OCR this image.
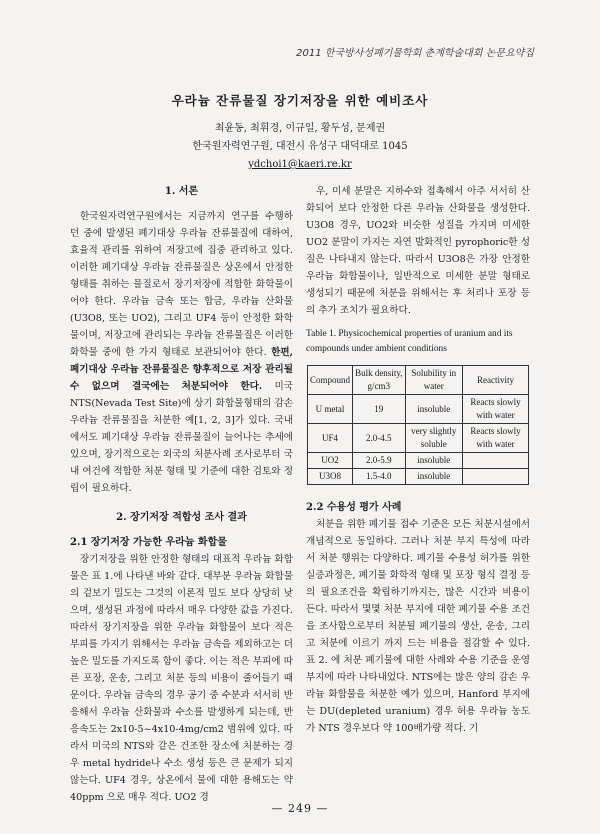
2011 한국방사성폐기물학회 춘계학술대회 논문요약집
우라늄 잔류물질 장기저장을 위한 예비조사
최윤동, 최휘경, 이규일, 황두성, 문제권
한국원자력연구원, 대전시 유성구 대덕대로 1045
ydchoi1@kaeri.re.kr
1. 서론

한국원자력연구원에서는 지금까지 연구를 수행하던 중에 발생된 폐기대상 우라늄 잔류물질에 대하여, 효율적 관리를 위하여 저장고에 집중 관리하고 있다. 이러한 폐기대상 우라늄 잔류물질은 상온에서 안정한 형태를 취하는 물질로서 장기저장에 적합한 화학물이어야 한다. 우라늄 금속 또는 합금, 우라늄 산화물(U3O8, 또는 UO2), 그리고 UF4 등이 안정한 화학물이며, 저장고에 관리되는 우라늄 잔류물질은 이러한 화학물 중에 한 가지 형태로 보관되어야 한다. 한편, 폐기대상 우라늄 잔류물질은 향후적으로 저장 관리될 수 없으며 결국에는 처분되어야 한다. 미국 NTS(Nevada Test Site)에 상기 화합물형태의 감손우라늄 잔류물질을 처분한 예[1, 2, 3]가 있다. 국내에서도 폐기대상 우라늄 잔류물질이 늘어나는 추세에 있으며, 장기적으로는 외국의 처분사례 조사로부터 국내 여건에 적합한 처분 형태 및 기준에 대한 검토와 정립이 필요하다.

2. 장기저장 적합성 조사 결과
2.1 장기저장 가능한 우라늄 화합물

장기저장을 위한 안정한 형태의 대표적 우라늄 화합물은 표 1.에 나타낸 바와 같다. 대부분 우라늄 화합물의 겉보기 밀도는 그것의 이론적 밀도 보다 상당히 낮으며, 생성된 과정에 따라서 매우 다양한 값을 가진다. 따라서 장기저장을 위한 우라늄 화합물이 보다 적은 부피를 가지기 위해서는 우라늄 금속을 제외하고는 더 높은 밀도를 가지도록 함이 좋다. 이는 적은 부피에 따른 포장, 운송, 그리고 처분 등의 비용이 줄어들기 때문이다. 우라늄 금속의 경우 공기 중 수분과 서서히 반응해서 우라늄 산화물과 수소를 발생하게 되는데, 반응속도는 2x10-5~4x10-4mg/cm2 범위에 있다. 따라서 미국의 NTS와 같은 건조한 장소에 처분하는 경우 metal hydride나 수소 생성 등은 큰 문제가 되지 않는다. UF4 경우, 상온에서 물에 대한 용해도는 약 40ppm 으로 매우 적다. UO2 경

우, 미세 분말은 지하수와 접촉해서 아주 서서히 산화되어 보다 안정한 다른 우라늄 산화물을 생성한다. U3O8 경우, UO2와 비슷한 성질을 가지며 미세한 UO2 분말이 가지는 자연 발화적인 pyrophoric한 성질은 나타내지 않는다. 따라서 U3O8은 가장 안정한 우라늄 화합물이나, 일반적으로 미세한 분말 형태로 생성되기 때문에 처분을 위해서는 후 처리나 포장 등의 추가 조치가 필요하다.

Table 1. Physicochemical properties of uranium and its compounds under ambient conditions
Compound	Bulk density, g/cm3	Solubility in water	Reactivity
U metal	19	insoluble	Reacts slowly with water
UF4	2.0-4.5	very slightly soluble	Reacts slowly with water
UO2	2.0-5.9	insoluble	
U3O8	1.5-4.0	insoluble	
2.2 수용성 평가 사례

처분을 위한 폐기물 접수 기준은 모든 처분시설에서 개념적으로 동일하다. 그러나 처분 부지 특성에 따라서 처분 행위는 다양하다. 폐기물 수용성 허가를 위한 실증과정은, 폐기물 화학적 형태 및 포장 형식 결정 등의 필요조건을 확립하기까지는, 많은 시간과 비용이 든다. 따라서 몇몇 처분 부지에 대한 폐기물 수용 조건을 조사함으로부터 처분될 폐기물의 생산, 운송, 그리고 처분에 이르기 까지 드는 비용을 절감할 수 있다. 표 2. 에 처분 폐기물에 대한 사례와 수용 기준을 운영부지에 따라 나타내었다. NTS에는 많은 양의 감손 우라늄 화합물을 처분한 예가 있으며, Hanford 부지에는 DU(depleted uranium) 경우 허용 우라늄 농도가 NTS 경우보다 약 100배가량 적다. 기

— 249 —
